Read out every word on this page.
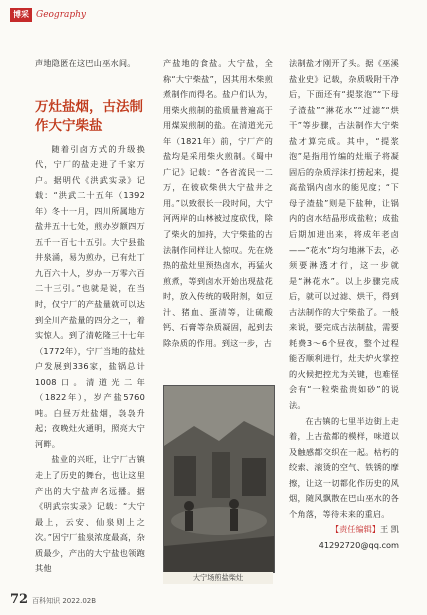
博采 Geography

声地隐匿在这巴山巫水间。

万灶盐烟，古法制
作大宁柴盐

随着引卤方式的升级换代，宁厂的盐走进了千家万户。据明代《洪武实录》记载：“洪武二十五年（1392年）冬十一月，四川所属地方盐井五十七处，煎办岁额四万五千一百七十五引。大宁县盐井泉涌，易为煎办，已有灶丁九百六十人，岁办一万零六百二十三引。”也就是说，在当时，仅宁厂的产盐量就可以达到全川产盐量的四分之一，着实惊人。到了清乾隆三十七年（1772年），宁厂当地的盐灶户发展到336家，盐锅总计1008口。清道光二年（1822年），岁产盐5760吨。白昼万灶盐烟，袅袅升起；夜晚灶火通明，照亮大宁河畔。

盐业的兴旺，让宁厂古镇走上了历史的舞台，也让这里产出的大宁盐声名远播。据《明武宗实录》记载：“大宁最上，云安、仙泉则上之次。”因宁厂盐泉浓度最高，杂质最少，产出的大宁盐也领跑其他

产盐地的食盐。大宁盐，全称“大宁柴盐”，因其用木柴煎煮制作而得名。盐户们认为，用柴火煎制的盐质量普遍高于用煤炭煎制的盐。在清道光元年（1821年）前，宁厂产的盐均是采用柴火煎制。《蜀中广记》记载：“各省流民一二万，在彼砍柴供大宁盐井之用。”以致很长一段时间，大宁河两岸的山林被过度砍伐，除了柴火的加持，大宁柴盐的古法制作同样让人惊叹。先在烧热的盐灶里预热卤水，再猛火煎煮，等到卤水开始出现盐花时，放入传统的吸附剂，如豆汁、猪血、蛋清等，让硫酸钙、石膏等杂质凝固，起到去除杂质的作用。到这一步，古

大宁场煎盐柴灶

法制盐才刚开了头。据《巫溪盐业史》记载，杂质吸附干净后，下面还有“提浆泡”“下母子渣盐”“淋花水”“过滤”“烘干”等步骤，古法制作大宁柴盐才算完成。其中，“提浆泡”是指用竹编的灶瓶子将凝固后的杂质浮沫打捞起来，提高盐锅内卤水的能见度；“下母子渣盐”则是下盐种，让锅内的卤水结晶形成盐粒；成盐后期加进出来，将成年老卤——“花水”均匀地淋下去，必须要淋透才行，这一步就是“淋花水”。以上步骤完成后，就可以过滤、烘干，得到古法制作的大宁柴盐了。一般来说，要完成古法制盐，需要耗费3～6个昼夜，整个过程能否顺利进行，灶夫炉火掌控的火候把控尤为关键，也难怪会有“一粒柴盐贵如砂”的说法。

在古镇的七里半边街上走着，上古盐都的模样，味道以及触感都交织在一起。枯朽的绞索、滚烫的空气、铁锈的摩擦，让这一切都化作历史的风烟，随风飘散在巴山巫水的各个角落，等待未来的重启。

【责任编辑】王 凯

41292720@qq.com

72 百科知识 2022.02B
